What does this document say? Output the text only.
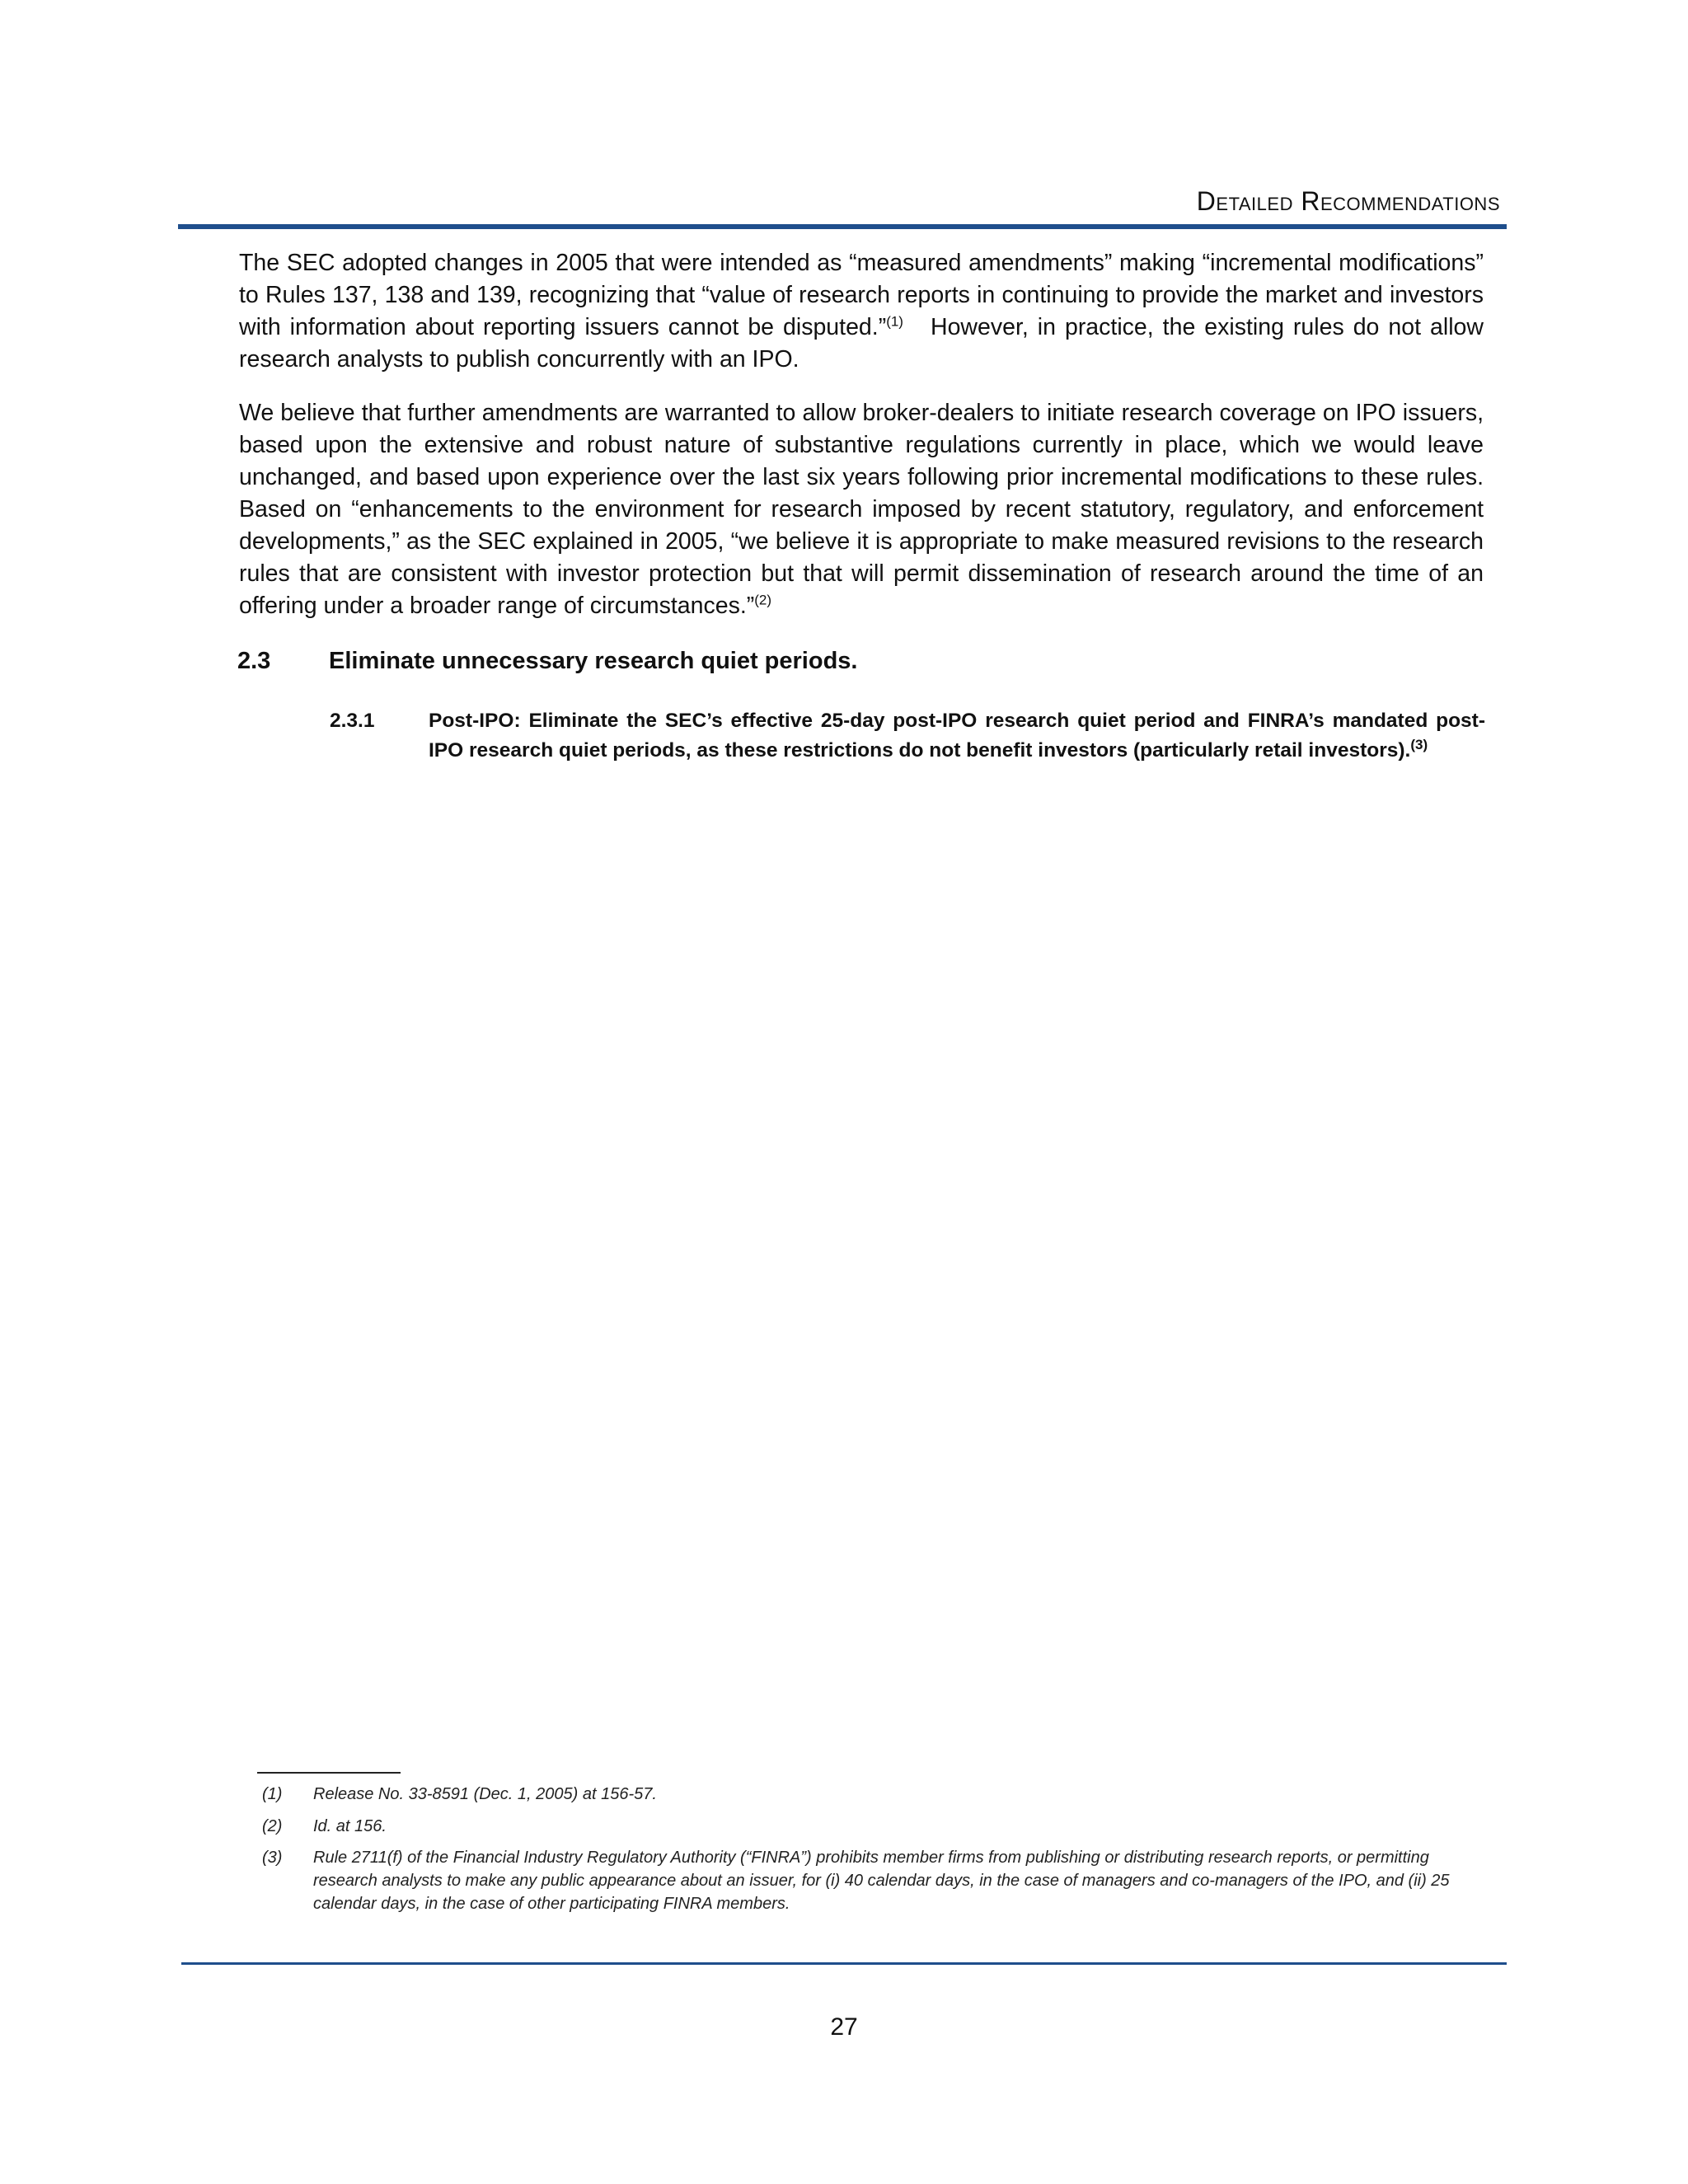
Detailed Recommendations
The SEC adopted changes in 2005 that were intended as “measured amendments” making “incremental modifications” to Rules 137, 138 and 139, recognizing that “value of research reports in continuing to provide the market and investors with information about reporting issuers cannot be disputed.”$^{(1)}$ However, in practice, the existing rules do not allow research analysts to publish concurrently with an IPO.
We believe that further amendments are warranted to allow broker-dealers to initiate research coverage on IPO issuers, based upon the extensive and robust nature of substantive regulations currently in place, which we would leave unchanged, and based upon experience over the last six years following prior incremental modifications to these rules. Based on “enhancements to the environment for research imposed by recent statutory, regulatory, and enforcement developments,” as the SEC explained in 2005, “we believe it is appropriate to make measured revisions to the research rules that are consistent with investor protection but that will permit dissemination of research around the time of an offering under a broader range of circumstances.”$^{(2)}$
2.3 Eliminate unnecessary research quiet periods.
2.3.1	Post-IPO: Eliminate the SEC’s effective 25-day post-IPO research quiet period and FINRA’s mandated post-IPO research quiet periods, as these restrictions do not benefit investors (particularly retail investors).$^{(3)}$
(1) Release No. 33-8591 (Dec. 1, 2005) at 156-57.
(2) Id. at 156.
(3) Rule 2711(f) of the Financial Industry Regulatory Authority (“FINRA”) prohibits member firms from publishing or distributing research reports, or permitting research analysts to make any public appearance about an issuer, for (i) 40 calendar days, in the case of managers and co-managers of the IPO, and (ii) 25 calendar days, in the case of other participating FINRA members.
27
